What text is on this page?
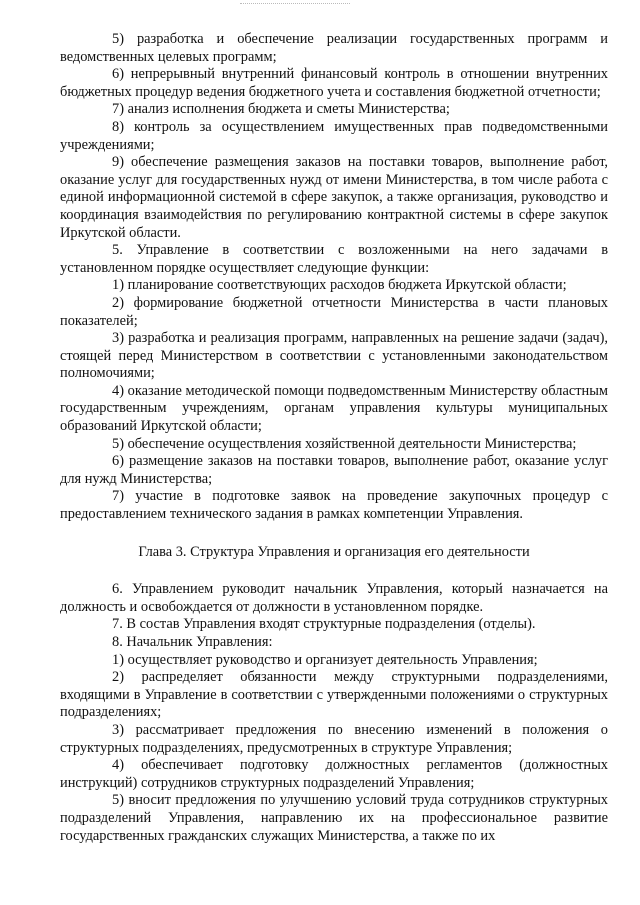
5) разработка и обеспечение реализации государственных программ и ведомственных целевых программ;

6) непрерывный внутренний финансовый контроль в отношении внутренних бюджетных процедур ведения бюджетного учета и составления бюджетной отчетности;

7) анализ исполнения бюджета и сметы Министерства;

8) контроль за осуществлением имущественных прав подведомственными учреждениями;

9) обеспечение размещения заказов на поставки товаров, выполнение работ, оказание услуг для государственных нужд от имени Министерства, в том числе работа с единой информационной системой в сфере закупок, а также организация, руководство и координация взаимодействия по регулированию контрактной системы в сфере закупок Иркутской области.

5. Управление в соответствии с возложенными на него задачами в установленном порядке осуществляет следующие функции:

1) планирование соответствующих расходов бюджета Иркутской области;

2) формирование бюджетной отчетности Министерства в части плановых показателей;

3) разработка и реализация программ, направленных на решение задачи (задач), стоящей перед Министерством в соответствии с установленными законодательством полномочиями;

4) оказание методической помощи подведомственным Министерству областным государственным учреждениям, органам управления культуры муниципальных образований Иркутской области;

5) обеспечение осуществления хозяйственной деятельности Министерства;

6) размещение заказов на поставки товаров, выполнение работ, оказание услуг для нужд Министерства;

7) участие в подготовке заявок на проведение закупочных процедур с предоставлением технического задания в рамках компетенции Управления.

Глава 3. Структура Управления и организация его деятельности

6. Управлением руководит начальник Управления, который назначается на должность и освобождается от должности в установленном порядке.

7. В состав Управления входят структурные подразделения (отделы).

8. Начальник Управления:

1) осуществляет руководство и организует деятельность Управления;

2) распределяет обязанности между структурными подразделениями, входящими в Управление в соответствии с утвержденными положениями о структурных подразделениях;

3) рассматривает предложения по внесению изменений в положения о структурных подразделениях, предусмотренных в структуре Управления;

4) обеспечивает подготовку должностных регламентов (должностных инструкций) сотрудников структурных подразделений Управления;

5) вносит предложения по улучшению условий труда сотрудников структурных подразделений Управления, направлению их на профессиональное развитие государственных гражданских служащих Министерства, а также по их
